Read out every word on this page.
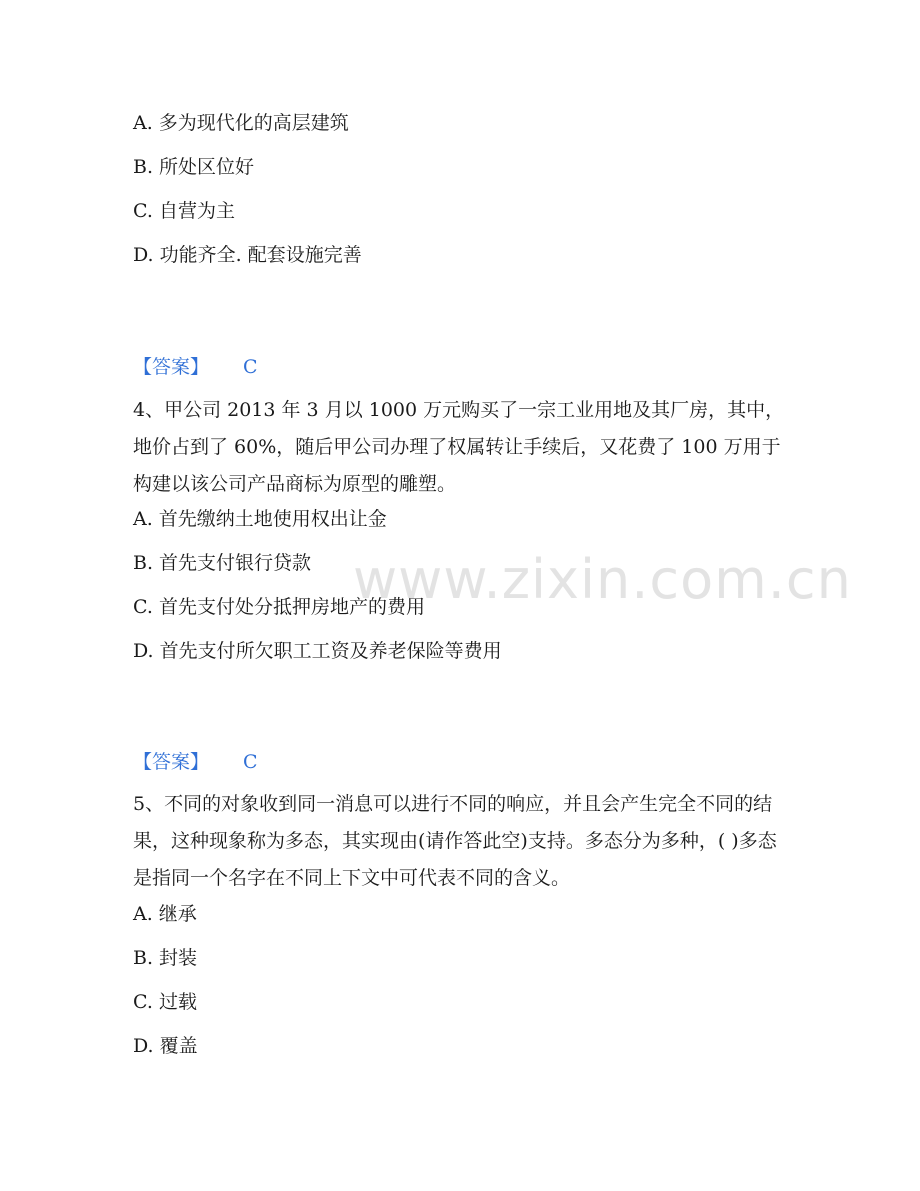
www.zixin.com.cn
A. 多为现代化的高层建筑
B. 所处区位好
C. 自营为主
D. 功能齐全. 配套设施完善
【答案】 C
4、甲公司 2013 年 3 月以 1000 万元购买了一宗工业用地及其厂房，其中，地价占到了 60%，随后甲公司办理了权属转让手续后，又花费了 100 万用于构建以该公司产品商标为原型的雕塑。
A. 首先缴纳土地使用权出让金
B. 首先支付银行贷款
C. 首先支付处分抵押房地产的费用
D. 首先支付所欠职工工资及养老保险等费用
【答案】 C
5、不同的对象收到同一消息可以进行不同的响应，并且会产生完全不同的结果，这种现象称为多态，其实现由(请作答此空)支持。多态分为多种，( )多态是指同一个名字在不同上下文中可代表不同的含义。
A. 继承
B. 封装
C. 过载
D. 覆盖
